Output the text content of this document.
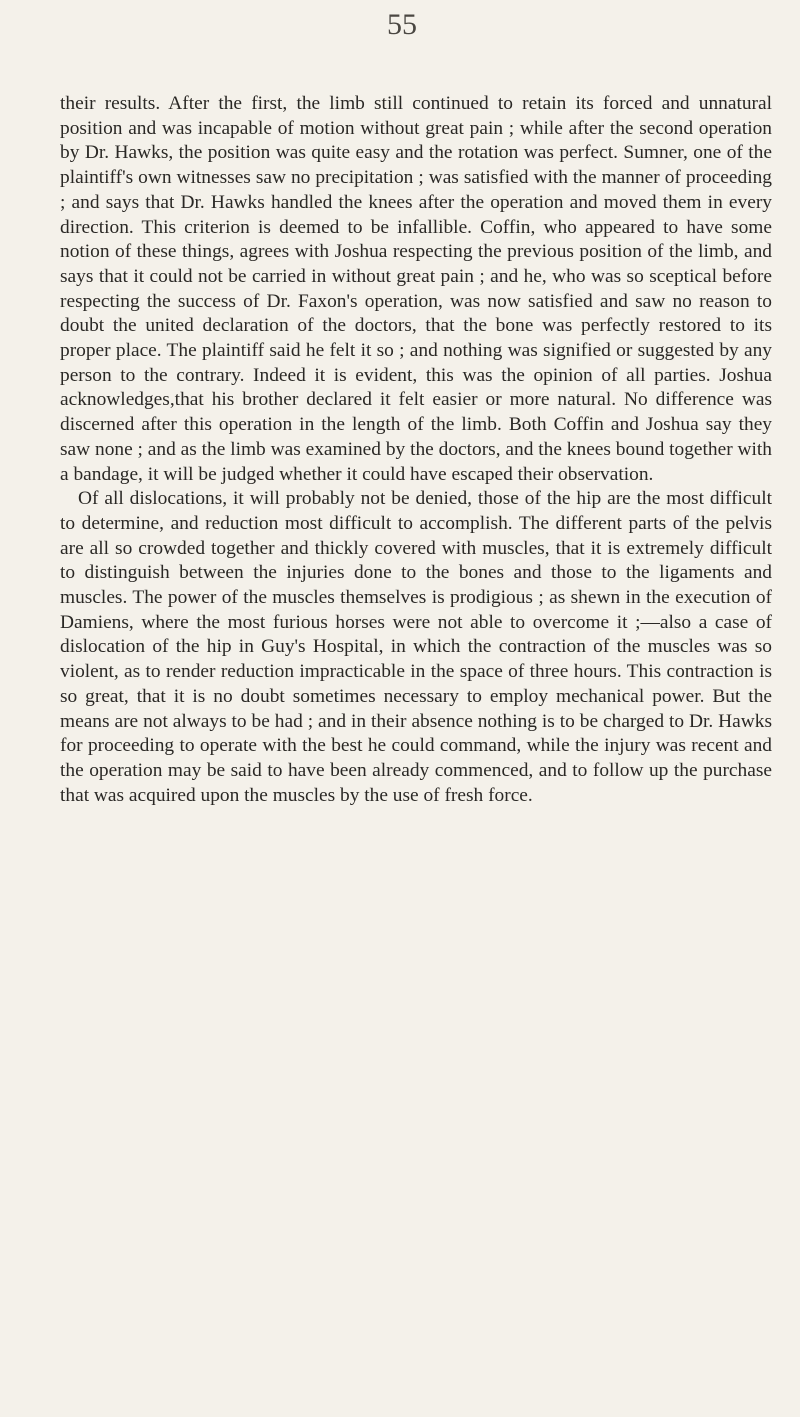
55

their results. After the first, the limb still continued to retain its forced and unnatural position and was incapable of motion without great pain ; while after the second operation by Dr. Hawks, the position was quite easy and the rotation was perfect. Sumner, one of the plaintiff's own witnesses saw no precipitation ; was satisfied with the manner of proceeding ; and says that Dr. Hawks handled the knees after the operation and moved them in every direction. This criterion is deemed to be infallible. Coffin, who appeared to have some notion of these things, agrees with Joshua respecting the previous position of the limb, and says that it could not be carried in without great pain ; and he, who was so sceptical before respecting the success of Dr. Faxon's operation, was now satisfied and saw no reason to doubt the united declaration of the doctors, that the bone was perfectly restored to its proper place. The plaintiff said he felt it so ; and nothing was signified or suggested by any person to the contrary. Indeed it is evident, this was the opinion of all parties. Joshua acknowledges,that his brother declared it felt easier or more natural. No difference was discerned after this operation in the length of the limb. Both Coffin and Joshua say they saw none ; and as the limb was examined by the doctors, and the knees bound together with a bandage, it will be judged whether it could have escaped their observation.

Of all dislocations, it will probably not be denied, those of the hip are the most difficult to determine, and reduction most difficult to accomplish. The different parts of the pelvis are all so crowded together and thickly covered with muscles, that it is extremely difficult to distinguish between the injuries done to the bones and those to the ligaments and muscles. The power of the muscles themselves is prodigious ; as shewn in the execution of Damiens, where the most furious horses were not able to overcome it ;—also a case of dislocation of the hip in Guy's Hospital, in which the contraction of the muscles was so violent, as to render reduction impracticable in the space of three hours. This contraction is so great, that it is no doubt sometimes necessary to employ mechanical power. But the means are not always to be had ; and in their absence nothing is to be charged to Dr. Hawks for proceeding to operate with the best he could command, while the injury was recent and the operation may be said to have been already commenced, and to follow up the purchase that was acquired upon the muscles by the use of fresh force.
